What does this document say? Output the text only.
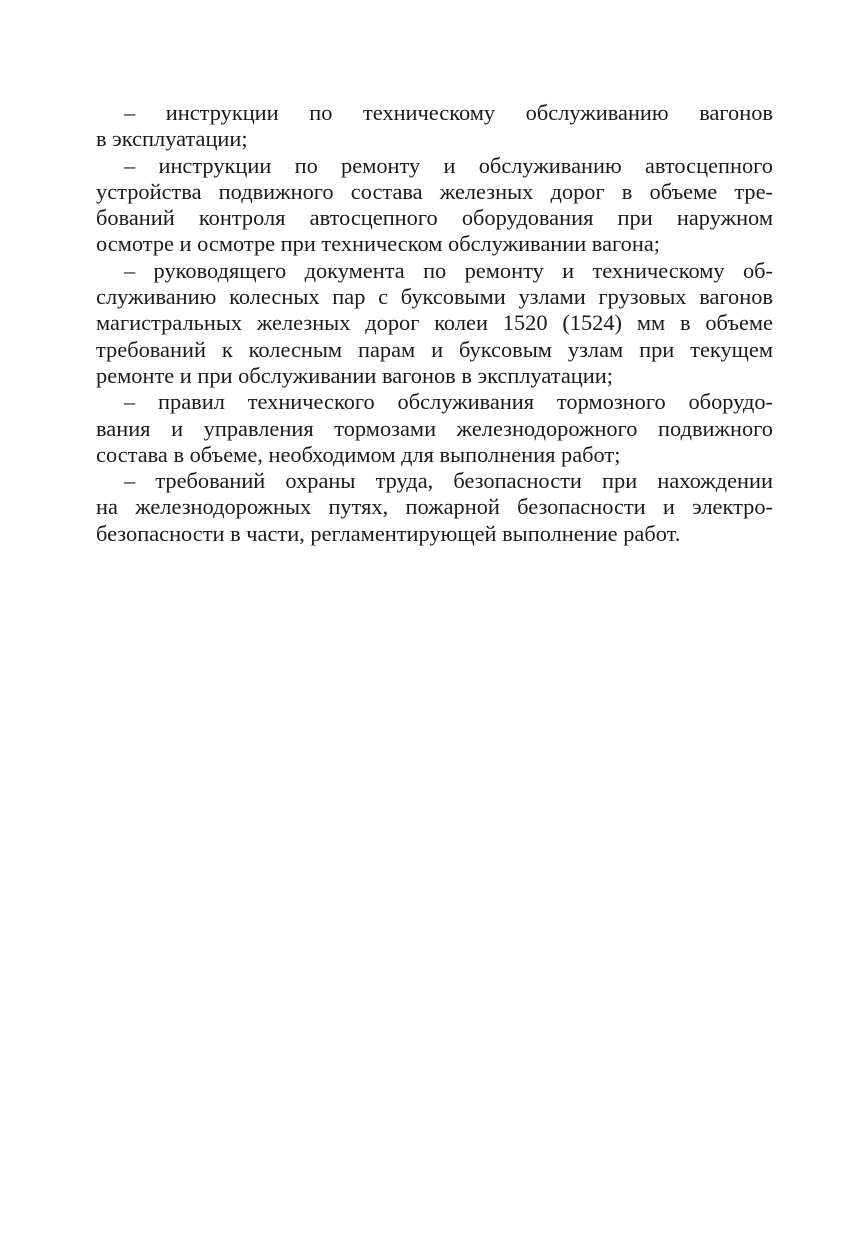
– инструкции по техническому обслуживанию вагонов
в эксплуатации;
– инструкции по ремонту и обслуживанию автосцепного
устройства подвижного состава железных дорог в объеме тре-
бований контроля автосцепного оборудования при наружном
осмотре и осмотре при техническом обслуживании вагона;
– руководящего документа по ремонту и техническому об-
служиванию колесных пар с буксовыми узлами грузовых вагонов
магистральных железных дорог колеи 1520 (1524) мм в объеме
требований к колесным парам и буксовым узлам при текущем
ремонте и при обслуживании вагонов в эксплуатации;
– правил технического обслуживания тормозного оборудо-
вания и управления тормозами железнодорожного подвижного
состава в объеме, необходимом для выполнения работ;
– требований охраны труда, безопасности при нахождении
на железнодорожных путях, пожарной безопасности и электро-
безопасности в части, регламентирующей выполнение работ.
